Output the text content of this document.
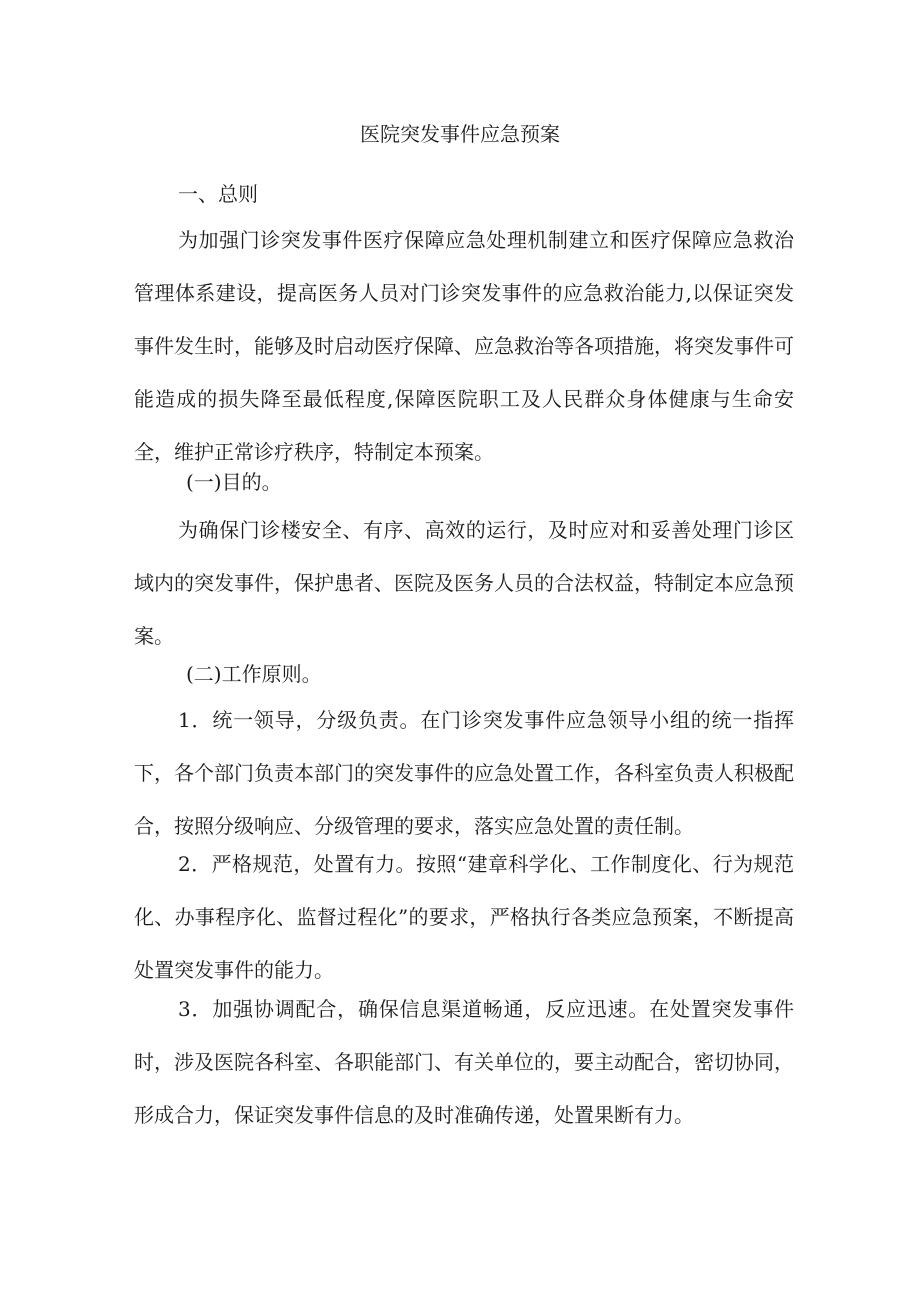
医院突发事件应急预案
一、总则

为加强门诊突发事件医疗保障应急处理机制建立和医疗保障应急救治管理体系建设，提高医务人员对门诊突发事件的应急救治能力,以保证突发事件发生时，能够及时启动医疗保障、应急救治等各项措施，将突发事件可能造成的损失降至最低程度,保障医院职工及人民群众身体健康与生命安全，维护正常诊疗秩序，特制定本预案。

(一)目的。

为确保门诊楼安全、有序、高效的运行，及时应对和妥善处理门诊区域内的突发事件，保护患者、医院及医务人员的合法权益，特制定本应急预案。

(二)工作原则。

1．统一领导，分级负责。在门诊突发事件应急领导小组的统一指挥下，各个部门负责本部门的突发事件的应急处置工作，各科室负责人积极配合，按照分级响应、分级管理的要求，落实应急处置的责任制。

2．严格规范，处置有力。按照“建章科学化、工作制度化、行为规范化、办事程序化、监督过程化”的要求，严格执行各类应急预案，不断提高处置突发事件的能力。

3．加强协调配合，确保信息渠道畅通，反应迅速。在处置突发事件时，涉及医院各科室、各职能部门、有关单位的，要主动配合，密切协同，形成合力，保证突发事件信息的及时准确传递，处置果断有力。
